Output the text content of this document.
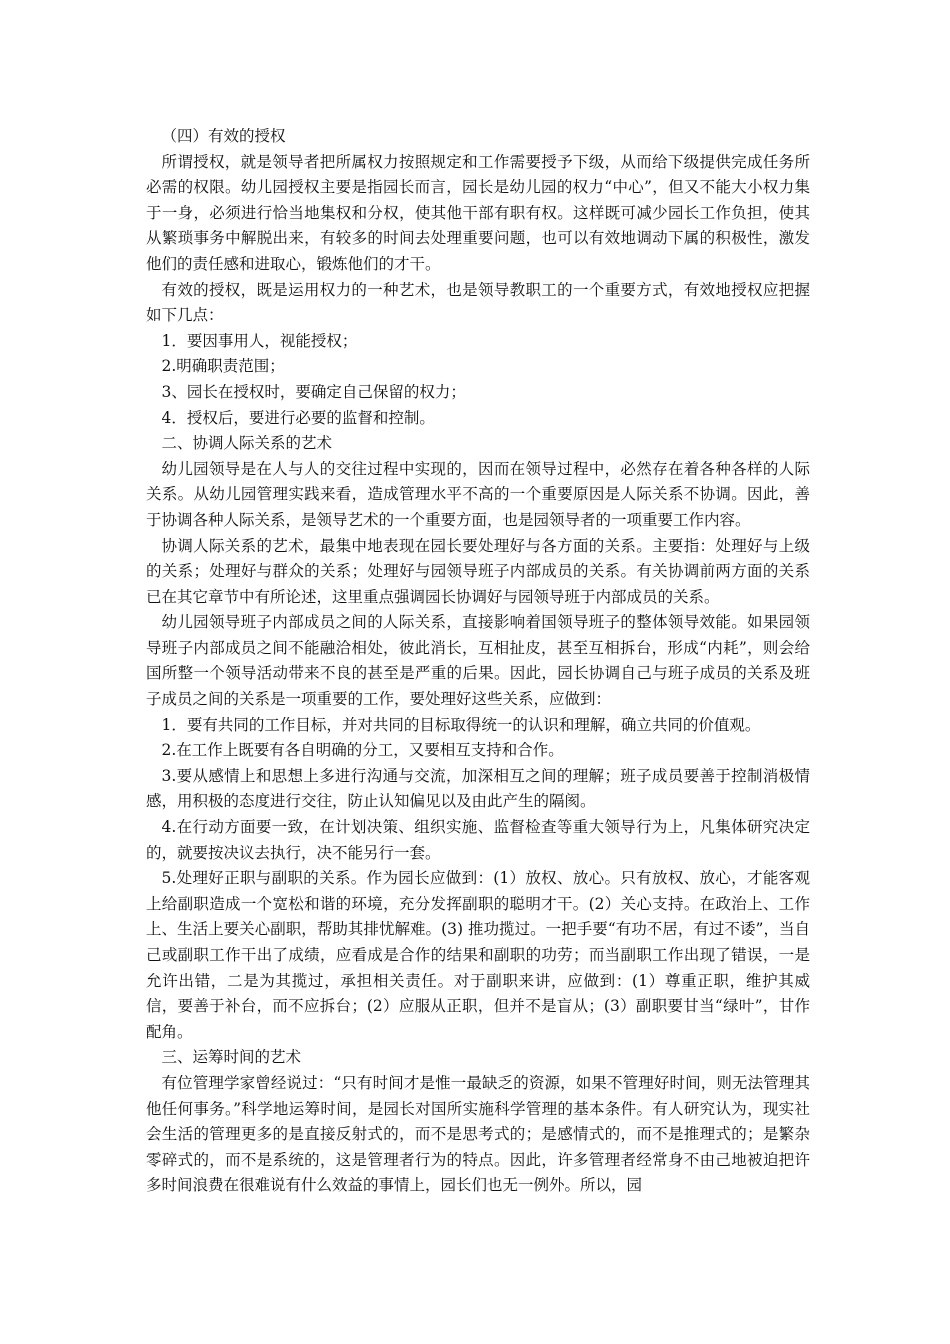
（四）有效的授权

所谓授权，就是领导者把所属权力按照规定和工作需要授予下级，从而给下级提供完成任务所必需的权限。幼儿园授权主要是指园长而言，园长是幼儿园的权力“中心”，但又不能大小权力集于一身，必须进行恰当地集权和分权，使其他干部有职有权。这样既可减少园长工作负担，使其从繁琐事务中解脱出来，有较多的时间去处理重要问题，也可以有效地调动下属的积极性，激发他们的责任感和进取心，锻炼他们的才干。

有效的授权，既是运用权力的一种艺术，也是领导教职工的一个重要方式，有效地授权应把握如下几点：

1．要因事用人，视能授权；

2.明确职责范围；

3、园长在授权时，要确定自己保留的权力；

4．授权后，要进行必要的监督和控制。

二、协调人际关系的艺术

幼儿园领导是在人与人的交往过程中实现的，因而在领导过程中，必然存在着各种各样的人际关系。从幼儿园管理实践来看，造成管理水平不高的一个重要原因是人际关系不协调。因此，善于协调各种人际关系，是领导艺术的一个重要方面，也是园领导者的一项重要工作内容。

协调人际关系的艺术，最集中地表现在园长要处理好与各方面的关系。主要指：处理好与上级的关系；处理好与群众的关系；处理好与园领导班子内部成员的关系。有关协调前两方面的关系已在其它章节中有所论述，这里重点强调园长协调好与园领导班于内部成员的关系。

幼儿园领导班子内部成员之间的人际关系，直接影响着国领导班子的整体领导效能。如果园领导班子内部成员之间不能融洽相处，彼此消长，互相扯皮，甚至互相拆台，形成“内耗”，则会给国所整一个领导活动带来不良的甚至是严重的后果。因此，园长协调自己与班子成员的关系及班子成员之间的关系是一项重要的工作，要处理好这些关系，应做到：

1．要有共同的工作目标，并对共同的目标取得统一的认识和理解，确立共同的价值观。

2.在工作上既要有各自明确的分工，又要相互支持和合作。

3.要从感情上和思想上多进行沟通与交流，加深相互之间的理解；班子成员要善于控制消极情感，用积极的态度进行交往，防止认知偏见以及由此产生的隔阂。

4.在行动方面要一致，在计划决策、组织实施、监督检查等重大领导行为上，凡集体研究决定的，就要按决议去执行，决不能另行一套。

5.处理好正职与副职的关系。作为园长应做到：(1）放权、放心。只有放权、放心，才能客观上给副职造成一个宽松和谐的环境，充分发挥副职的聪明才干。(2）关心支持。在政治上、工作上、生活上要关心副职，帮助其排忧解难。(3) 推功揽过。一把手要“有功不居，有过不诿”，当自己或副职工作干出了成绩，应看成是合作的结果和副职的功劳；而当副职工作出现了错误，一是允许出错，二是为其揽过，承担相关责任。对于副职来讲，应做到：(1）尊重正职，维护其威信，要善于补台，而不应拆台；(2）应服从正职，但并不是盲从；(3）副职要甘当“绿叶”，甘作配角。

三、运筹时间的艺术

有位管理学家曾经说过：“只有时间才是惟一最缺乏的资源，如果不管理好时间，则无法管理其他任何事务。”科学地运筹时间，是园长对国所实施科学管理的基本条件。有人研究认为，现实社会生活的管理更多的是直接反射式的，而不是思考式的；是感情式的，而不是推理式的；是繁杂零碎式的，而不是系统的，这是管理者行为的特点。因此，许多管理者经常身不由己地被迫把许多时间浪费在很难说有什么效益的事情上，园长们也无一例外。所以，园
